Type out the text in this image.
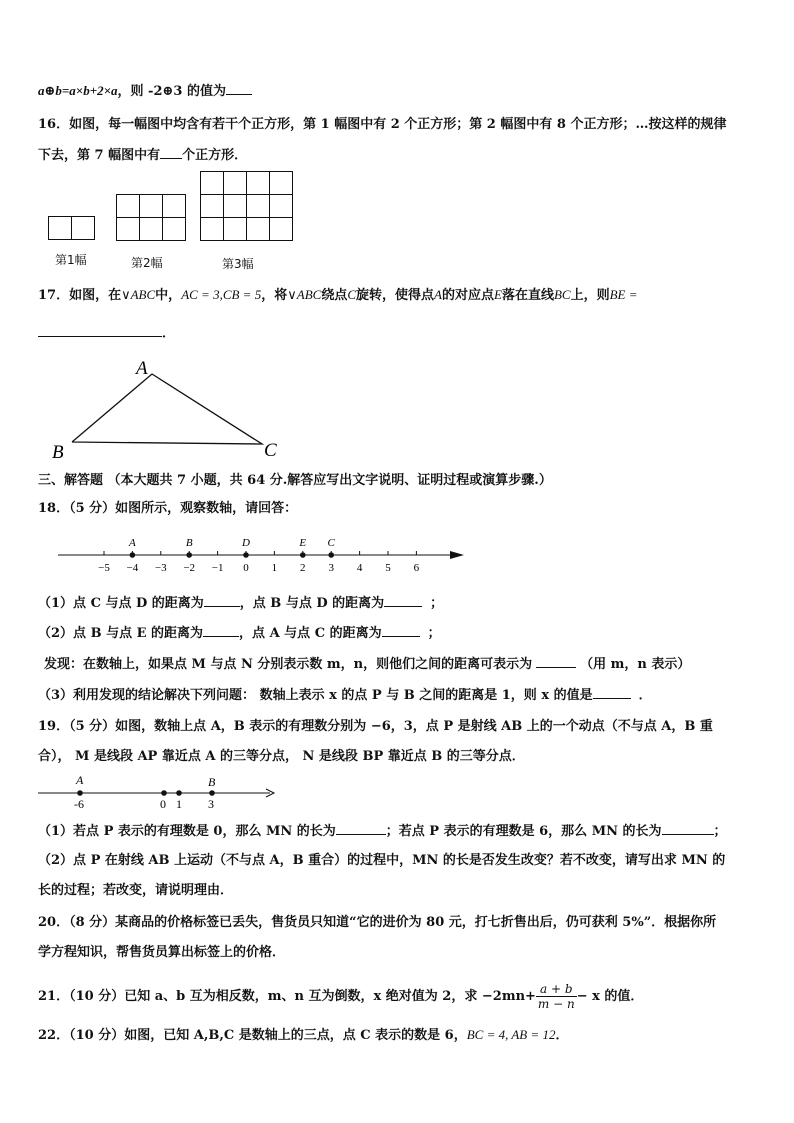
a⊕b=a×b+2×a，则 -2⊕3 的值为
16．如图，每一幅图中均含有若干个正方形，第 1 幅图中有 2 个正方形；第 2 幅图中有 8 个正方形；…按这样的规律
下去，第 7 幅图中有 个正方形．

第1幅	第2幅	第3幅
17．如图，在∨ABC中，AC = 3,CB = 5，将∨ABC绕点C旋转，使得点A的对应点E落在直线BC上，则BE =
．
A
B	C
三、解答题 （本大题共 7 小题，共 64 分.解答应写出文字说明、证明过程或演算步骤.）
18．（5 分）如图所示，观察数轴，请回答：
−5 −4 −3 −2 −1 0 1 2 3 4 5 6
A	B	D	E C
（1）点 C 与点 D 的距离为	，点 B 与点 D 的距离为	；
（2）点 B 与点 E 的距离为	，点 A 与点 C 的距离为	；
发现：在数轴上，如果点 M 与点 N 分别表示数 m，n，则他们之间的距离可表示为	（用 m，n 表示）
（3）利用发现的结论解决下列问题： 数轴上表示 x 的点 P 与 B 之间的距离是 1，则 x 的值是	．
19．（5 分）如图，数轴上点 A，B 表示的有理数分别为 −6，3，点 P 是射线 AB 上的一个动点（不与点 A，B 重
合）， M 是线段 AP 靠近点 A 的三等分点， N 是线段 BP 靠近点 B 的三等分点．
A	B
-6	0 1 3
（1）若点 P 表示的有理数是 0，那么 MN 的长为	；若点 P 表示的有理数是 6，那么 MN 的长为	；
（2）点 P 在射线 AB 上运动（不与点 A，B 重合）的过程中，MN 的长是否发生改变？若不改变，请写出求 MN 的
长的过程；若改变，请说明理由．
20．（8 分）某商品的价格标签已丢失，售货员只知道“它的进价为 80 元，打七折售出后，仍可获利 5%”．根据你所
学方程知识，帮售货员算出标签上的价格．
21．（10 分）已知 a、b 互为相反数，m、n 互为倒数，x 绝对值为 2，求 $-2mn+ \frac{a + b}{m - n} - x$ 的值．
22．（10 分）如图，已知 A,B,C 是数轴上的三点，点 C 表示的数是 6，BC = 4, AB = 12．
